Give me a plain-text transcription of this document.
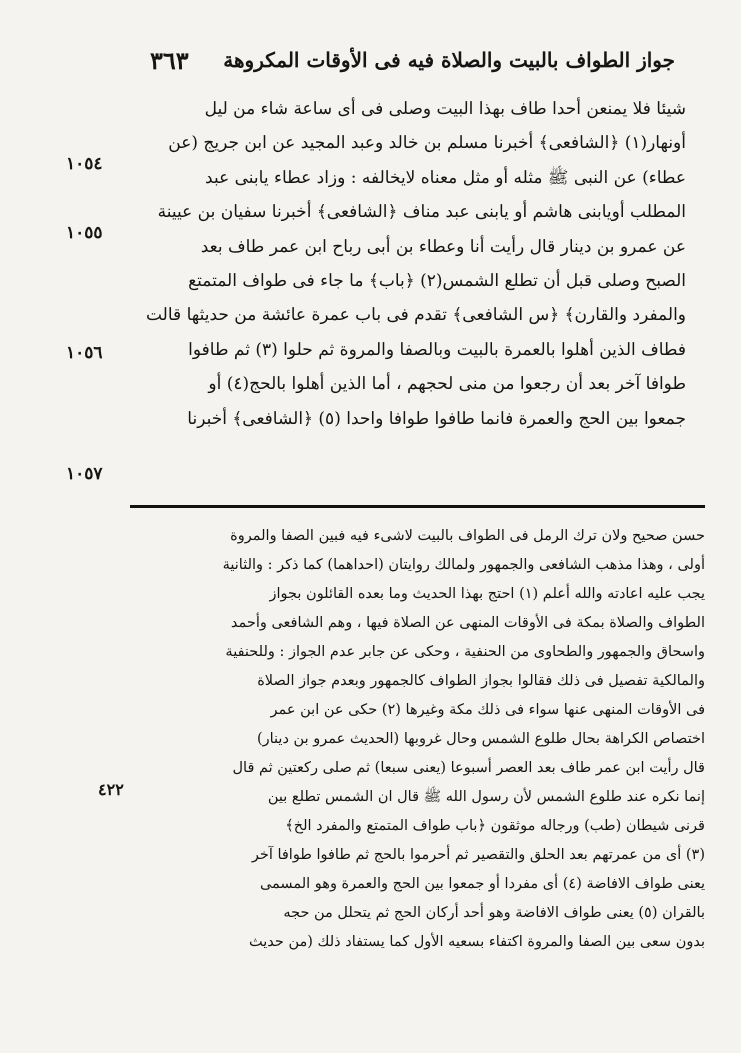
٣٦٣ جواز الطواف بالبيت والصلاة فيه فى الأوقات المكروهة
شيئا فلا يمنعن أحدا طاف بهذا البيت وصلى فى أى ساعة شاء من ليل
أونهار(١) ﴿الشافعى﴾ أخبرنا مسلم بن خالد وعبد المجيد عن ابن جريج (عن
عطاء) عن النبى ﷺ مثله أو مثل معناه لايخالفه : وزاد عطاء يابنى عبد
المطلب أويابنى هاشم أو يابنى عبد مناف ﴿الشافعى﴾ أخبرنا سفيان بن عيينة
عن عمرو بن دينار قال رأيت أنا وعطاء بن أبى رباح ابن عمر طاف بعد
الصبح وصلى قبل أن تطلع الشمس(٢) ﴿باب﴾ ما جاء فى طواف المتمتع
والمفرد والقارن﴾ ﴿س الشافعى﴾ تقدم فى باب عمرة عائشة من حديثها قالت
فطاف الذين أهلوا بالعمرة بالبيت وبالصفا والمروة ثم حلوا (٣) ثم طافوا
طوافا آخر بعد أن رجعوا من منى لحجهم ، أما الذين أهلوا بالحج(٤) أو
جمعوا بين الحج والعمرة فانما طافوا طوافا واحدا (٥) ﴿الشافعى﴾ أخبرنا
١٠٥٤
١٠٥٥
١٠٥٦
١٠٥٧
حسن صحيح ولان ترك الرمل فى الطواف بالبيت لاشىء فيه فبين الصفا والمروة
أولى ، وهذا مذهب الشافعى والجمهور ولمالك روايتان (احداهما) كما ذكر : والثانية
يجب عليه اعادته والله أعلم (١) احتج بهذا الحديث وما بعده القائلون بجواز
الطواف والصلاة بمكة فى الأوقات المنهى عن الصلاة فيها ، وهم الشافعى وأحمد
واسحاق والجمهور والطحاوى من الحنفية ، وحكى عن جابر عدم الجواز : وللحنفية
والمالكية تفصيل فى ذلك فقالوا بجواز الطواف كالجمهور وبعدم جواز الصلاة
فى الأوقات المنهى عنها سواء فى ذلك مكة وغيرها (٢) حكى عن ابن عمر
اختصاص الكراهة بحال طلوع الشمس وحال غروبها (الحديث عمرو بن دينار)
قال رأيت ابن عمر طاف بعد العصر أسبوعا (يعنى سبعا) ثم صلى ركعتين ثم قال
إنما نكره عند طلوع الشمس لأن رسول الله ﷺ قال ان الشمس تطلع بين
قرنى شيطان (طب) ورجاله موثقون ﴿باب طواف المتمتع والمفرد الخ﴾
(٣) أى من عمرتهم بعد الحلق والتقصير ثم أحرموا بالحج ثم طافوا طوافا آخر
يعنى طواف الافاضة (٤) أى مفردا أو جمعوا بين الحج والعمرة وهو المسمى
بالقران (٥) يعنى طواف الافاضة وهو أحد أركان الحج ثم يتحلل من حجه
بدون سعى بين الصفا والمروة اكتفاء بسعيه الأول كما يستفاد ذلك (من حديث
٤٢٢
